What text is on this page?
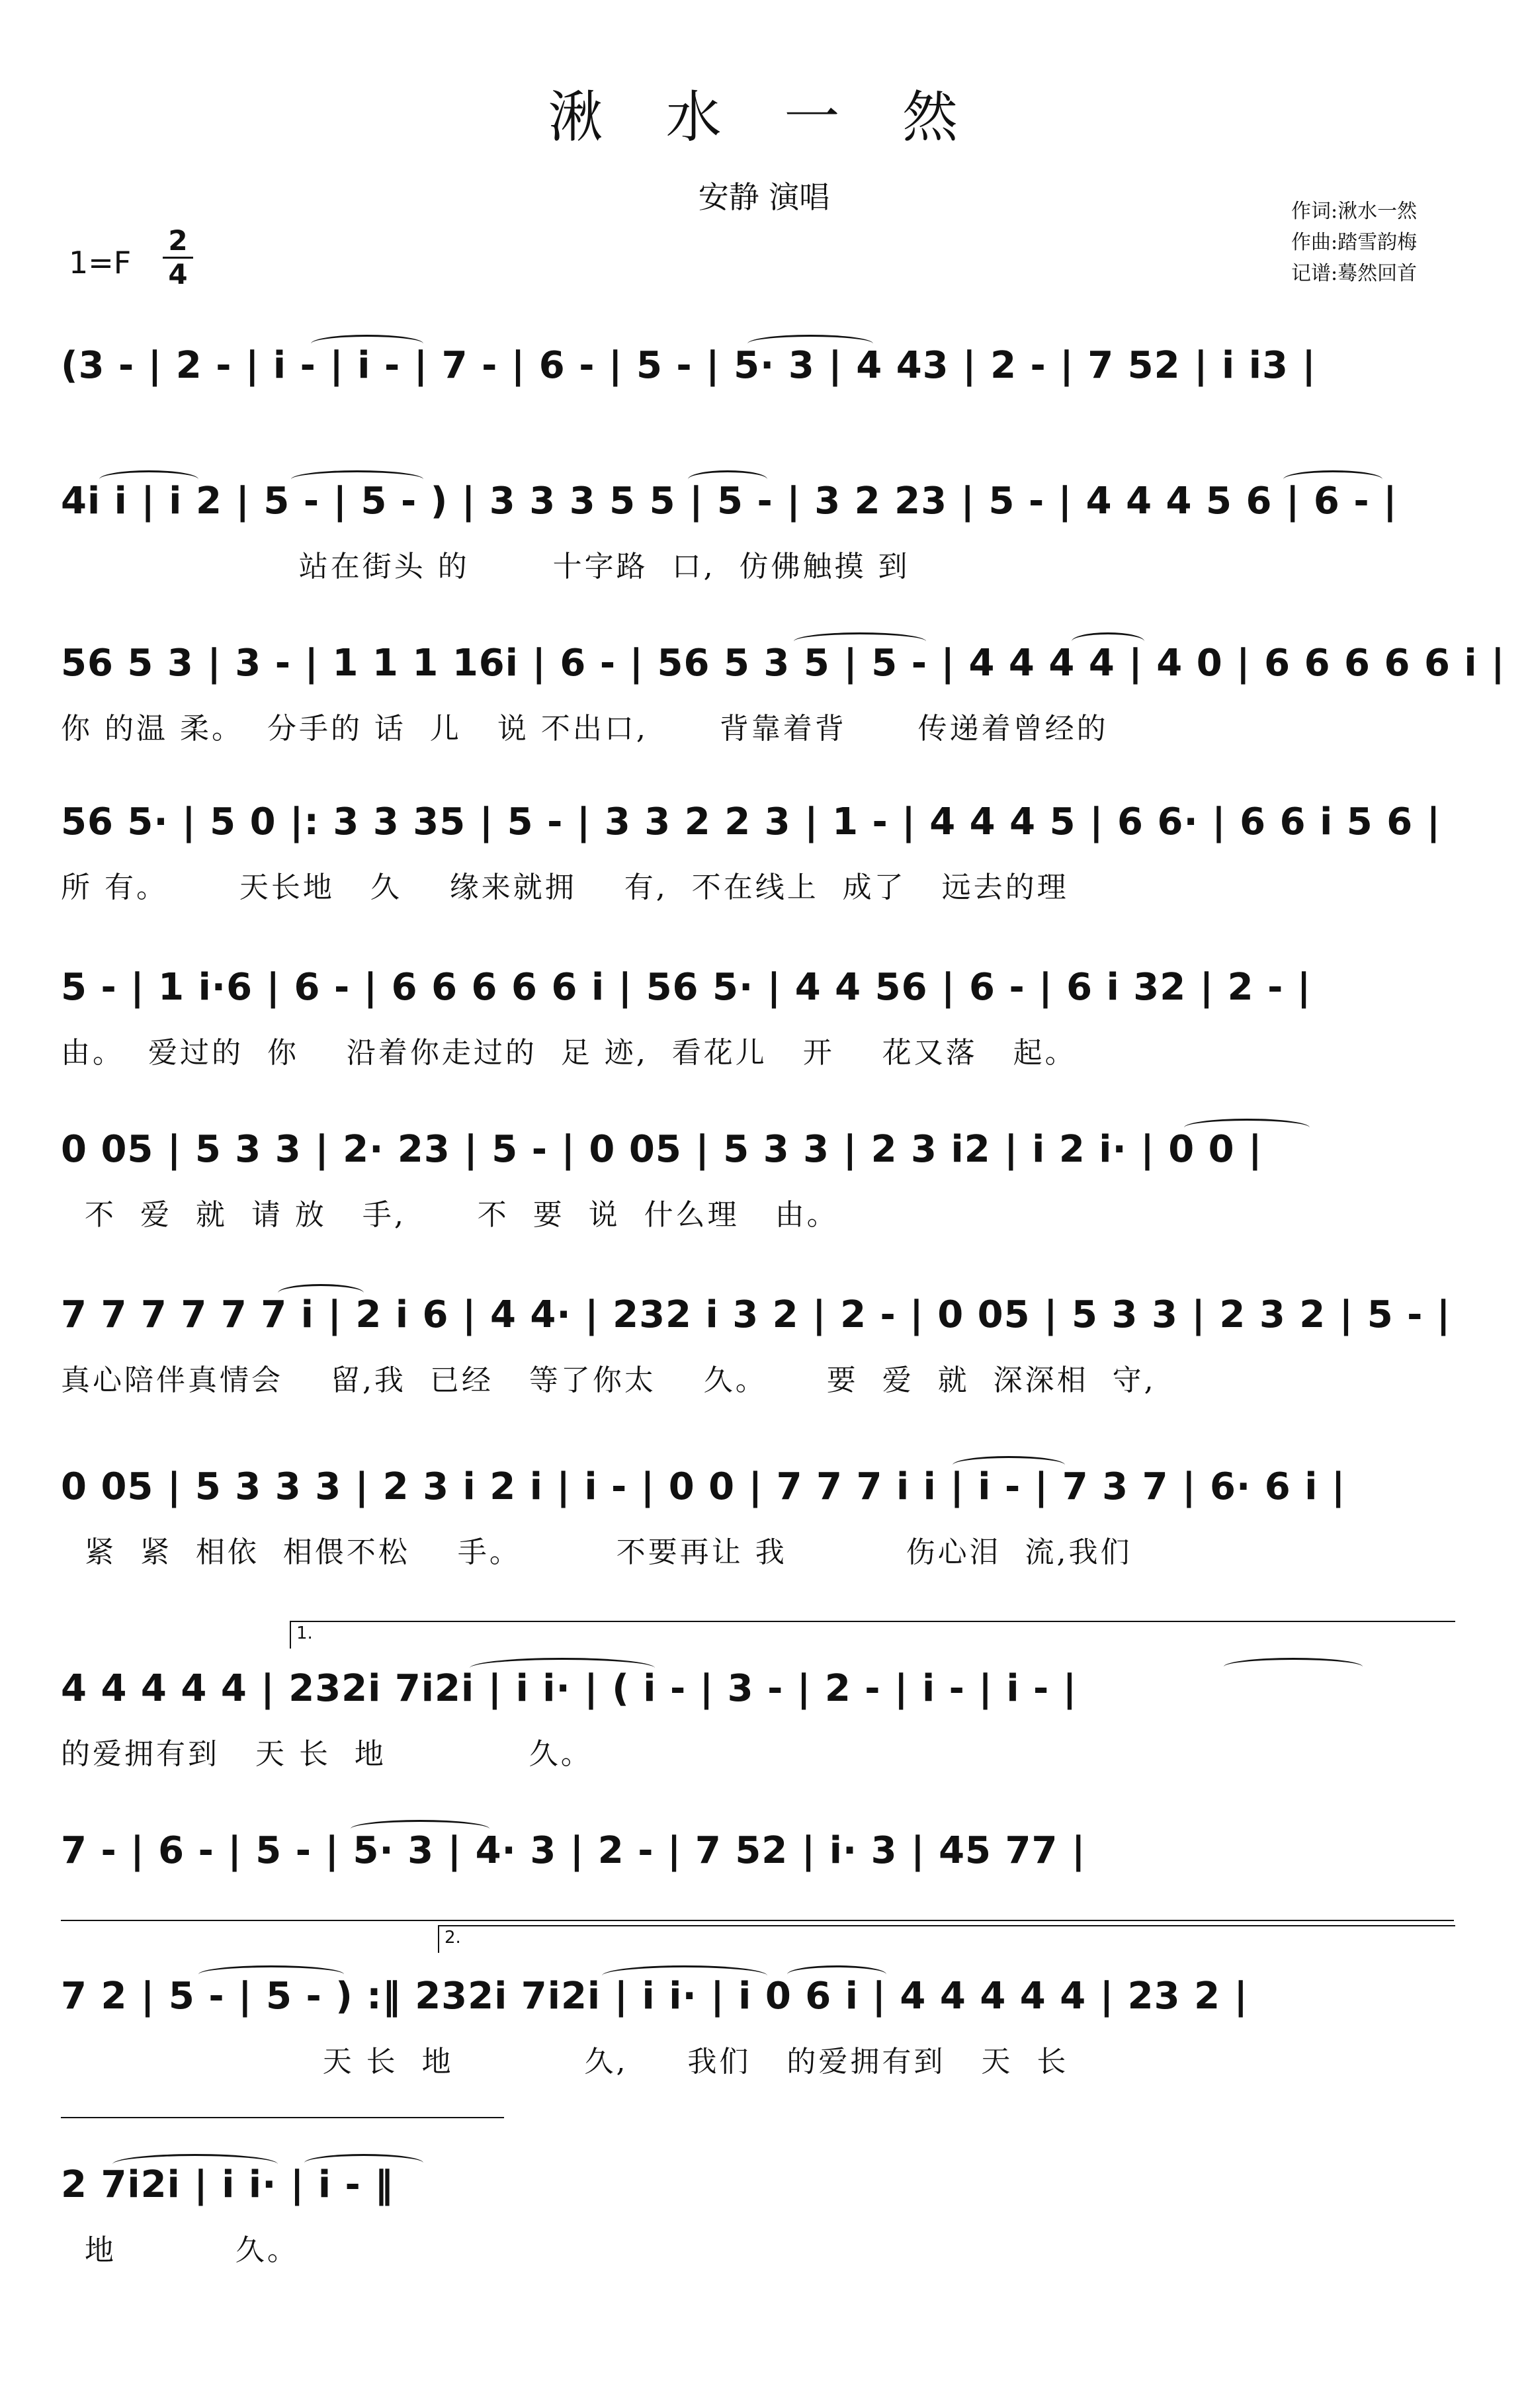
湫 水 一 然
安静 演唱	作词:湫水一然
作曲:踏雪韵梅
记谱:蓦然回首
1=F
2
4
(3 - | 2 - | i - | i - | 7 - | 6 - | 5 - | 5· 3 | 4 43 | 2 - | 7 52 | i i3 |
4i i | i 2 | 5 - | 5 - ) | 3 3 3 5 5 | 5 - | 3 2 23 | 5 - | 4 4 4 5 6 | 6 - |
站在街头 的       十字路  口,  仿佛触摸 到
56 5 3 | 3 - | 1 1 1 16i | 6 - | 56 5 3 5 | 5 - | 4 4 4 4 | 4 0 | 6 6 6 6 6 i |
你 的温 柔。  分手的 话  儿   说 不出口,      背靠着背      传递着曾经的
56 5· | 5 0 |: 3 3 35 | 5 - | 3 3 2 2 3 | 1 - | 4 4 4 5 | 6 6· | 6 6 i 5 6 |
所 有。      天长地   久    缘来就拥    有,  不在线上  成了   远去的理
5 - | 1 i·6 | 6 - | 6 6 6 6 6 i | 56 5· | 4 4 56 | 6 - | 6 i 32 | 2 - |
由。  爱过的  你    沿着你走过的  足 迹,  看花儿   开    花又落   起。
0 05 | 5 3 3 | 2· 23 | 5 - | 0 05 | 5 3 3 | 2 3 i2 | i 2 i· | 0 0 |
不  爱  就  请 放   手,      不  要  说  什么理   由。
7 7 7 7 7 7 i | 2 i 6 | 4 4· | 232 i 3 2 | 2 - | 0 05 | 5 3 3 | 2 3 2 | 5 - |
真心陪伴真情会    留,我  已经   等了你太    久。     要  爱  就  深深相  守,
0 05 | 5 3 3 3 | 2 3 i 2 i | i - | 0 0 | 7 7 7 i i | i - | 7 3 7 | 6· 6 i |
紧  紧  相依  相偎不松    手。        不要再让 我          伤心泪  流,我们
1.
4 4 4 4 4 | 232i 7i2i | i i· | ( i - | 3 - | 2 - | i - | i - |
的爱拥有到   天 长  地            久。
7 - | 6 - | 5 - | 5· 3 | 4· 3 | 2 - | 7 52 | i· 3 | 45 77 |
2.
7 2 | 5 - | 5 - ) :‖ 232i 7i2i | i i· | i 0 6 i | 4 4 4 4 4 | 23 2 |
天 长  地           久,     我们   的爱拥有到   天  长
2 7i2i | i i· | i - ‖
地          久。
